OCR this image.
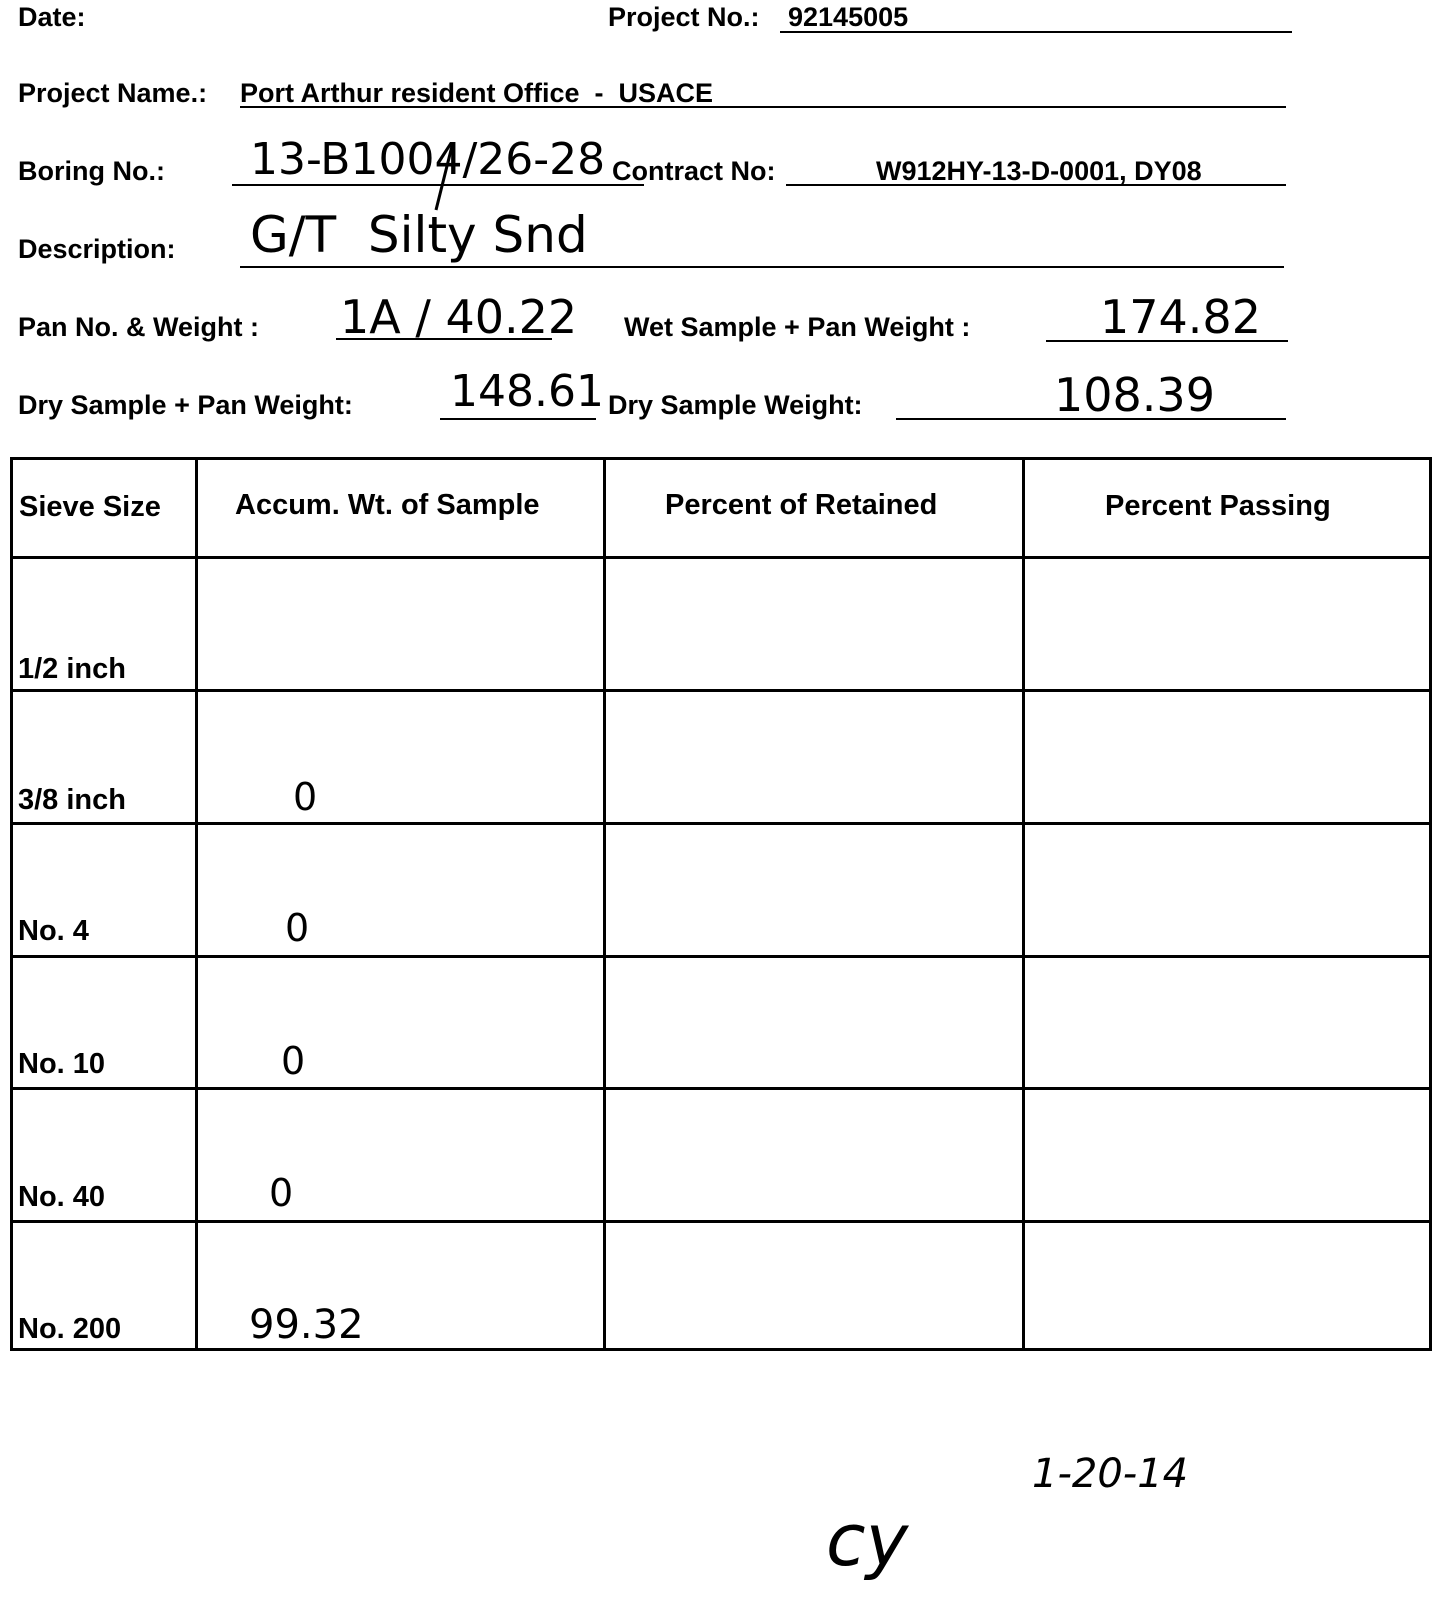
Date:	Project No.: 92145005
Project Name.: Port Arthur resident Office  -  USACE
Boring No.: 13-B1004/26-28 Contract No:	W912HY-13-D-0001, DY08
Description: G/T  Silty Snd
Pan No. & Weight : 1A / 40.22 Wet Sample + Pan Weight :	174.82
Dry Sample + Pan Weight: 148.61 Dry Sample Weight:	108.39
Sieve Size	Accum. Wt. of Sample	Percent of Retained	Percent Passing
1/2 inch
3/8 inch	0
No. 4	0
No. 10	0
No. 40	0
No. 200	99.32
1-20-14
cy
